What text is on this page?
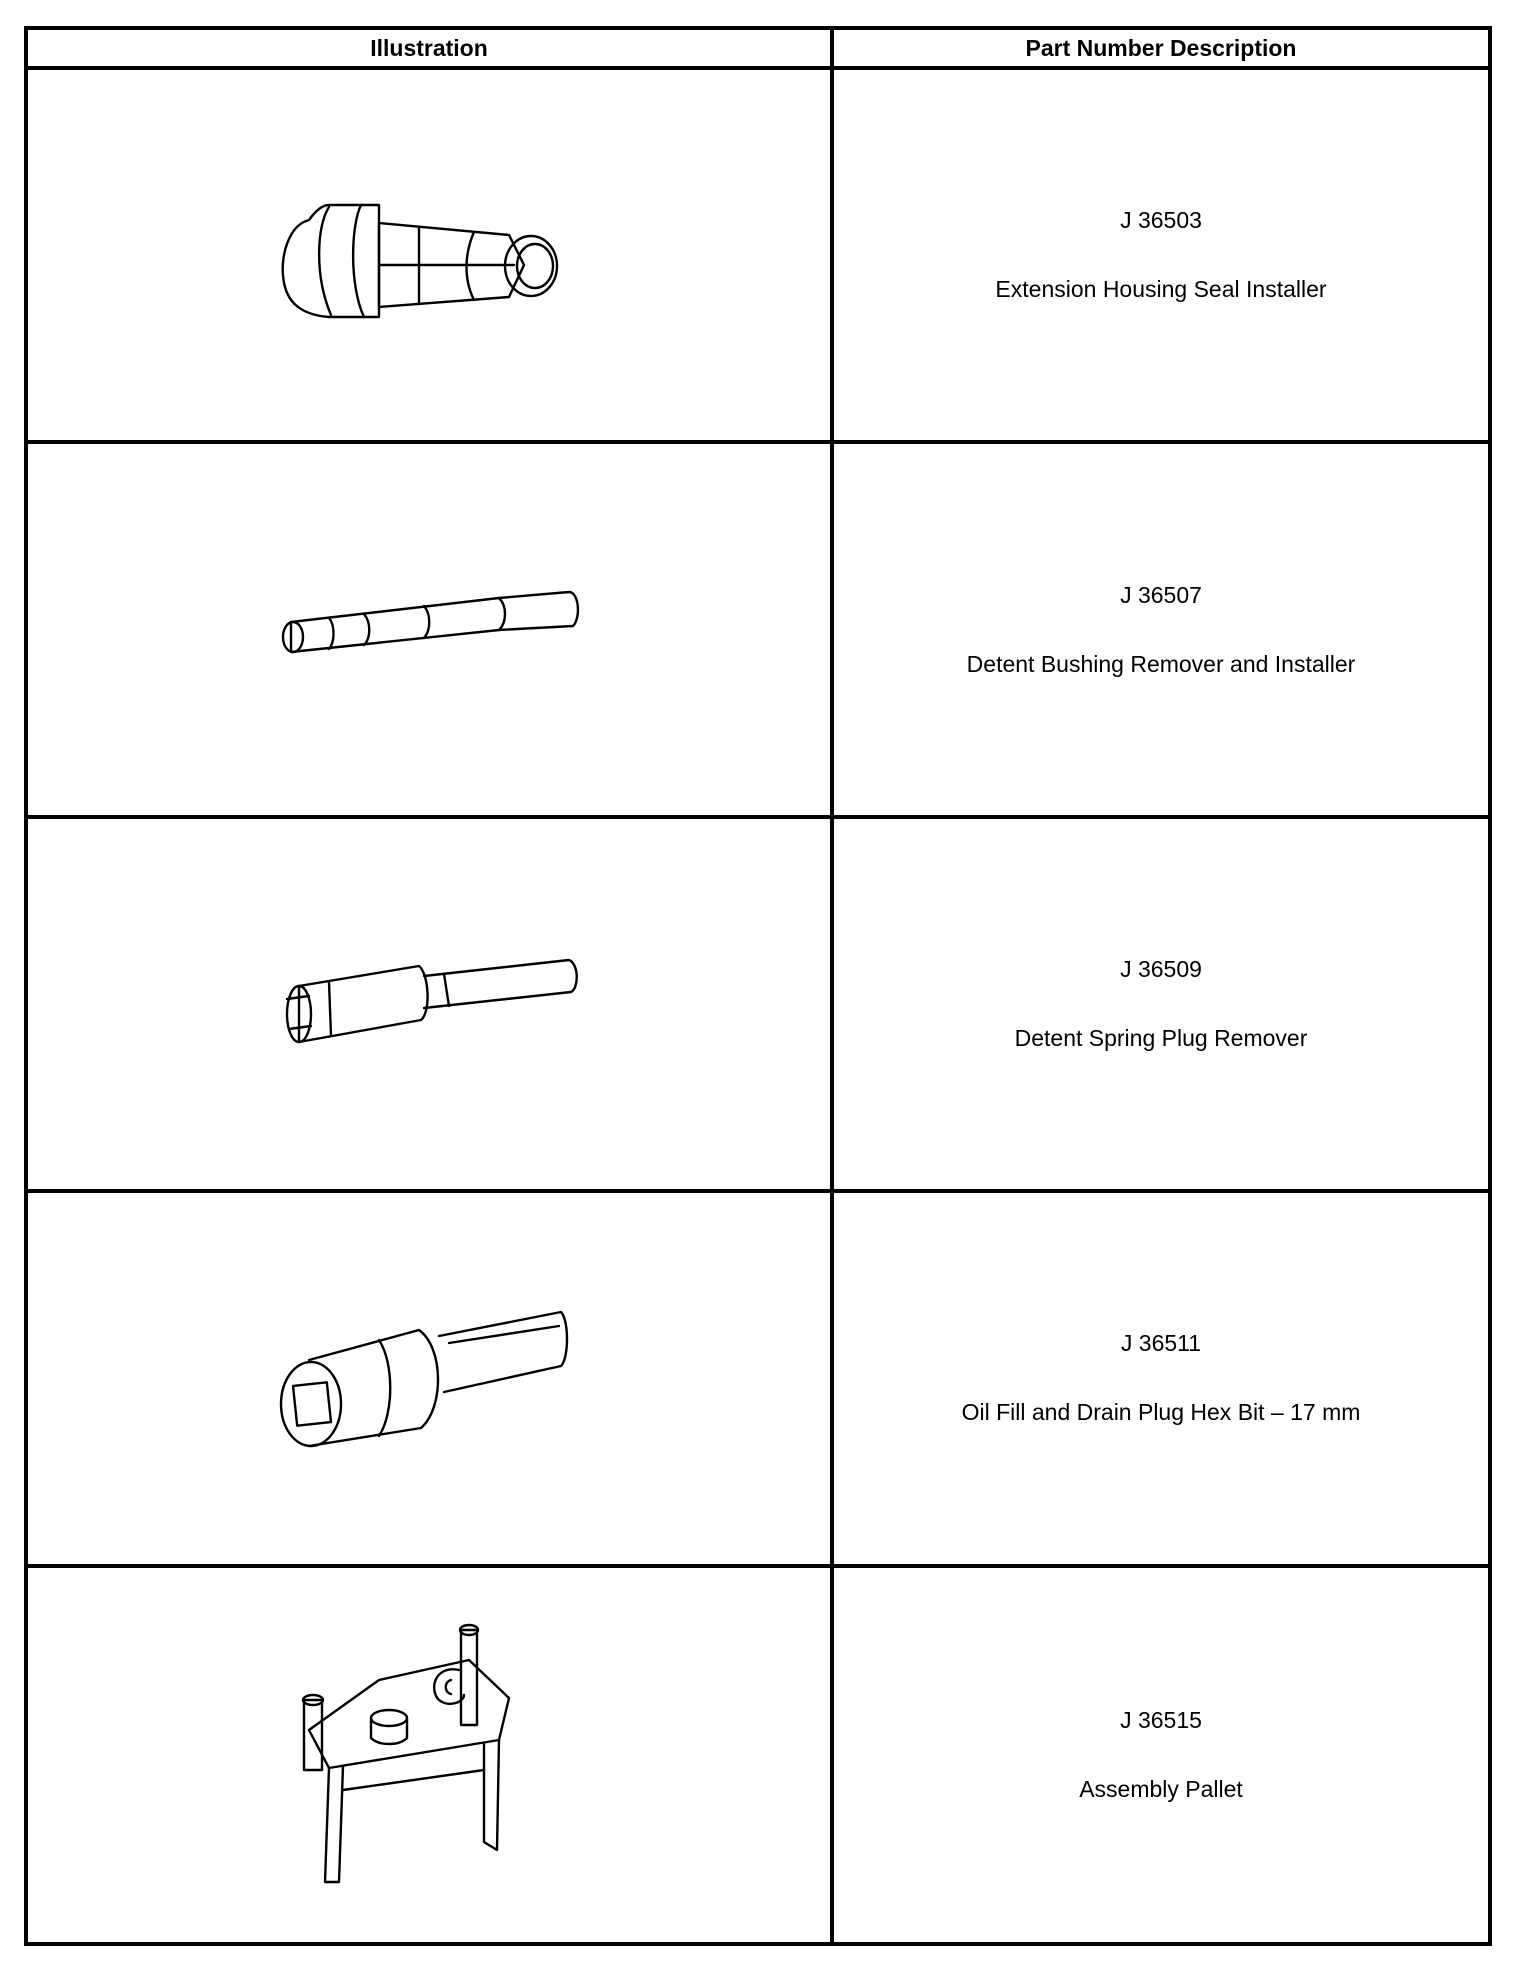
Illustration	Part Number Description
J 36503
Extension Housing Seal Installer
J 36507
Detent Bushing Remover and Installer
J 36509
Detent Spring Plug Remover
J 36511
Oil Fill and Drain Plug Hex Bit – 17 mm
J 36515
Assembly Pallet
